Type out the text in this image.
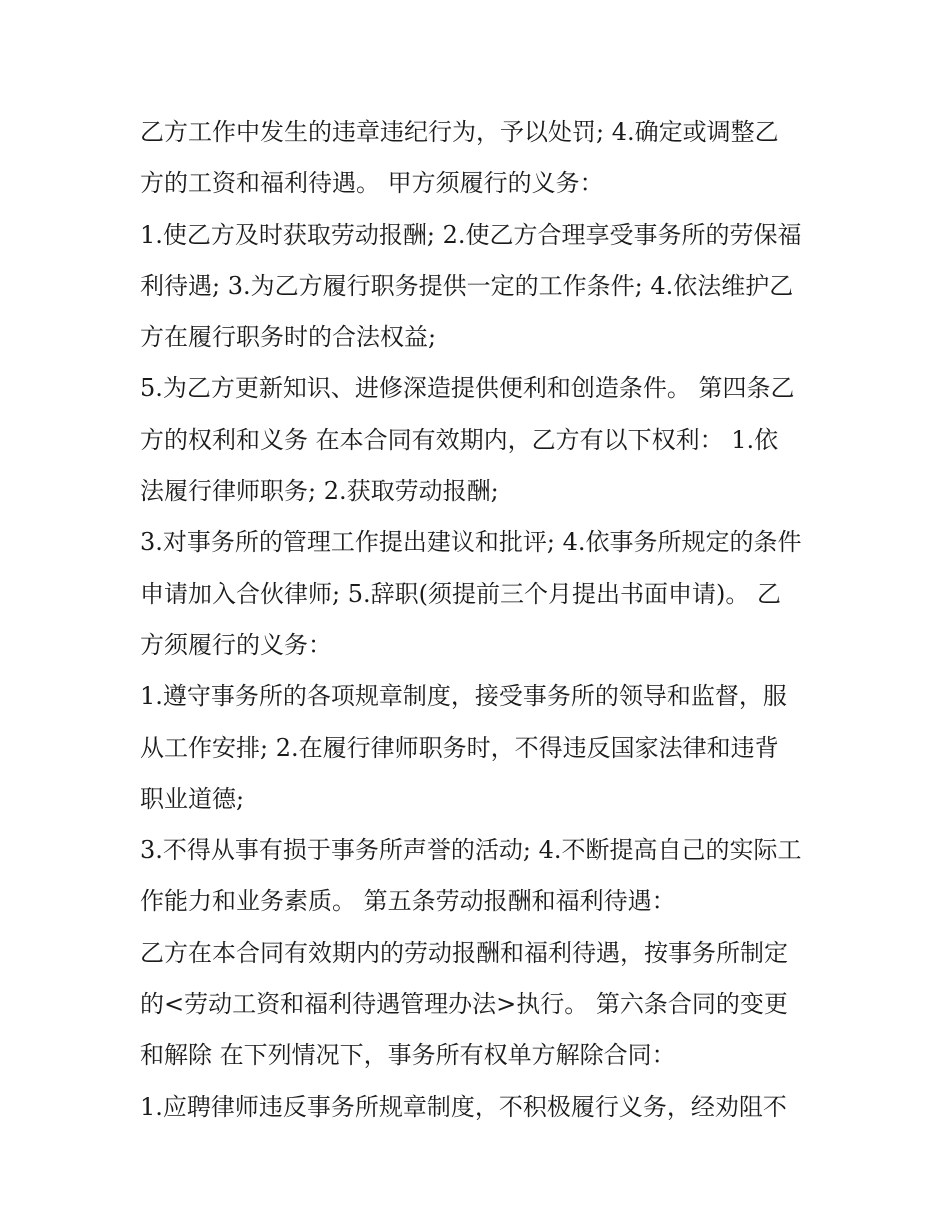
乙方工作中发生的违章违纪行为，予以处罚; 4.确定或调整乙
方的工资和福利待遇。 甲方须履行的义务：
1.使乙方及时获取劳动报酬; 2.使乙方合理享受事务所的劳保福
利待遇; 3.为乙方履行职务提供一定的工作条件; 4.依法维护乙
方在履行职务时的合法权益;
5.为乙方更新知识、进修深造提供便利和创造条件。 第四条乙
方的权利和义务 在本合同有效期内，乙方有以下权利： 1.依
法履行律师职务; 2.获取劳动报酬;
3.对事务所的管理工作提出建议和批评; 4.依事务所规定的条件
申请加入合伙律师; 5.辞职(须提前三个月提出书面申请)。 乙
方须履行的义务：
1.遵守事务所的各项规章制度，接受事务所的领导和监督，服
从工作安排; 2.在履行律师职务时，不得违反国家法律和违背
职业道德;
3.不得从事有损于事务所声誉的活动; 4.不断提高自己的实际工
作能力和业务素质。 第五条劳动报酬和福利待遇：
乙方在本合同有效期内的劳动报酬和福利待遇，按事务所制定
的<劳动工资和福利待遇管理办法>执行。 第六条合同的变更
和解除 在下列情况下，事务所有权单方解除合同：
1.应聘律师违反事务所规章制度，不积极履行义务，经劝阻不
